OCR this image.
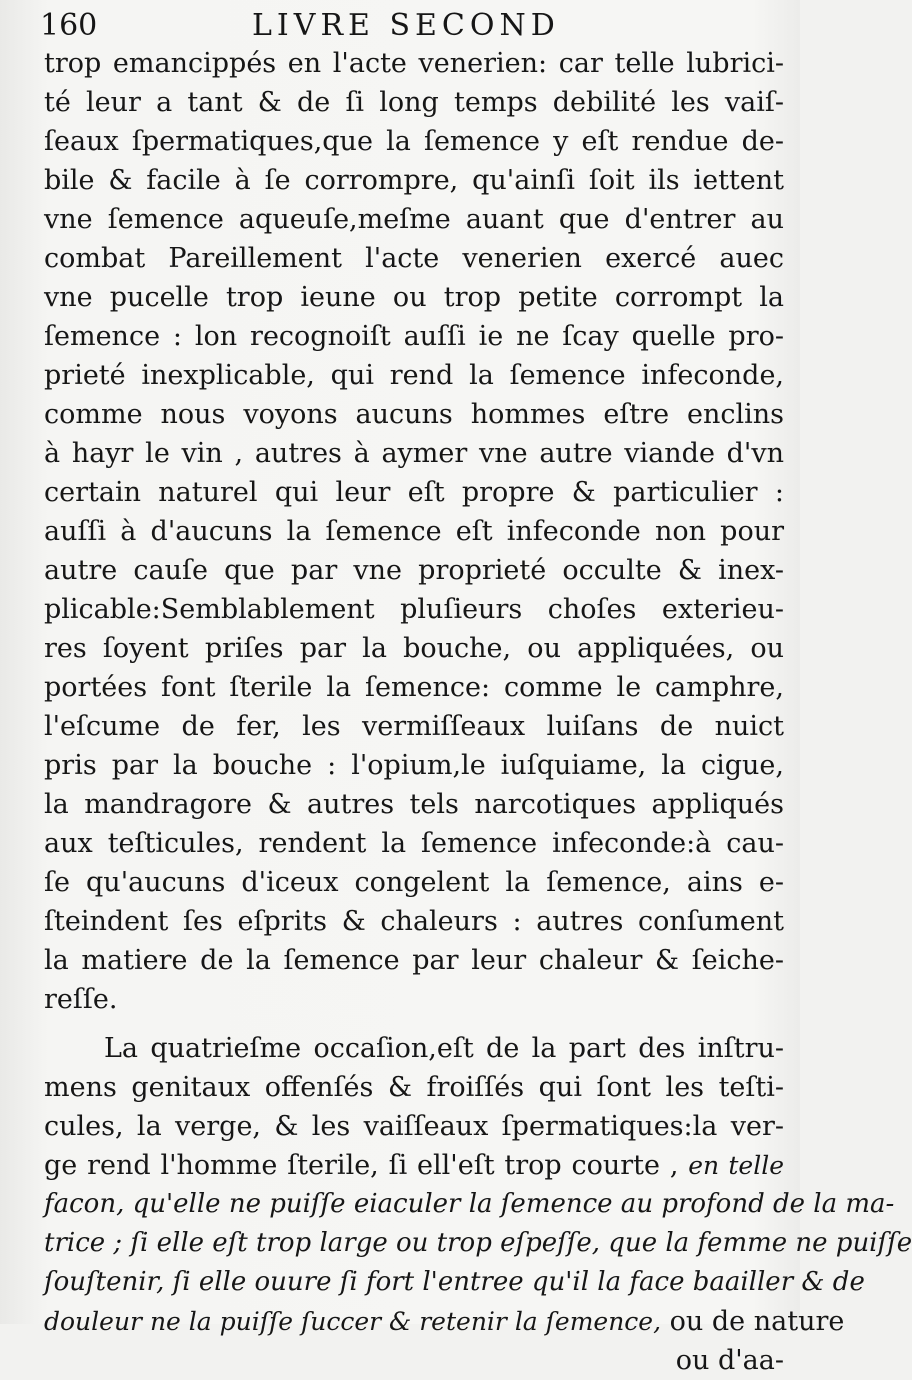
160	LIVRE SECOND
trop emancippés en l'acte venerien: car telle lubrici-
té leur a tant & de ſi long temps debilité les vaiſ-
ſeaux ſpermatiques,que la ſemence y eſt rendue de-
bile & facile à ſe corrompre, qu'ainſi ſoit ils iettent
vne ſemence aqueuſe,meſme auant que d'entrer au
combat Pareillement l'acte venerien exercé auec
vne pucelle trop ieune ou trop petite corrompt la
ſemence : lon recognoiſt auſſi ie ne ſcay quelle pro-
prieté inexplicable, qui rend la ſemence infeconde,
comme nous voyons aucuns hommes eſtre enclins
à hayr le vin , autres à aymer vne autre viande d'vn
certain naturel qui leur eſt propre & particulier :
auſſi à d'aucuns la ſemence eſt infeconde non pour
autre cauſe que par vne proprieté occulte & inex-
plicable:Semblablement pluſieurs choſes exterieu-
res ſoyent priſes par la bouche, ou appliquées, ou
portées font ſterile la ſemence: comme le camphre,
l'eſcume de fer, les vermiſſeaux luiſans de nuict
pris par la bouche : l'opium,le iuſquiame, la cigue,
la mandragore & autres tels narcotiques appliqués
aux teſticules, rendent la ſemence infeconde:à cau-
ſe qu'aucuns d'iceux congelent la ſemence, ains e-
ſteindent ſes eſprits & chaleurs : autres conſument
la matiere de la ſemence par leur chaleur & ſeiche-
reſſe.
La quatrieſme occaſion,eſt de la part des inſtru-
mens genitaux offenſés & froiſſés qui ſont les teſti-
cules, la verge, & les vaiſſeaux ſpermatiques:la ver-
ge rend l'homme ſterile, ſi ell'eſt trop courte , en telle
facon, qu'elle ne puiſſe eiaculer la ſemence au profond de la ma-
trice ; ſi elle eſt trop large ou trop eſpeſſe, que la femme ne puiſſe
ſouſtenir, ſi elle ouure ſi fort l'entree qu'il la face baailler & de
douleur ne la puiſſe ſuccer & retenir la ſemence, ou de nature
ou d'aa-
